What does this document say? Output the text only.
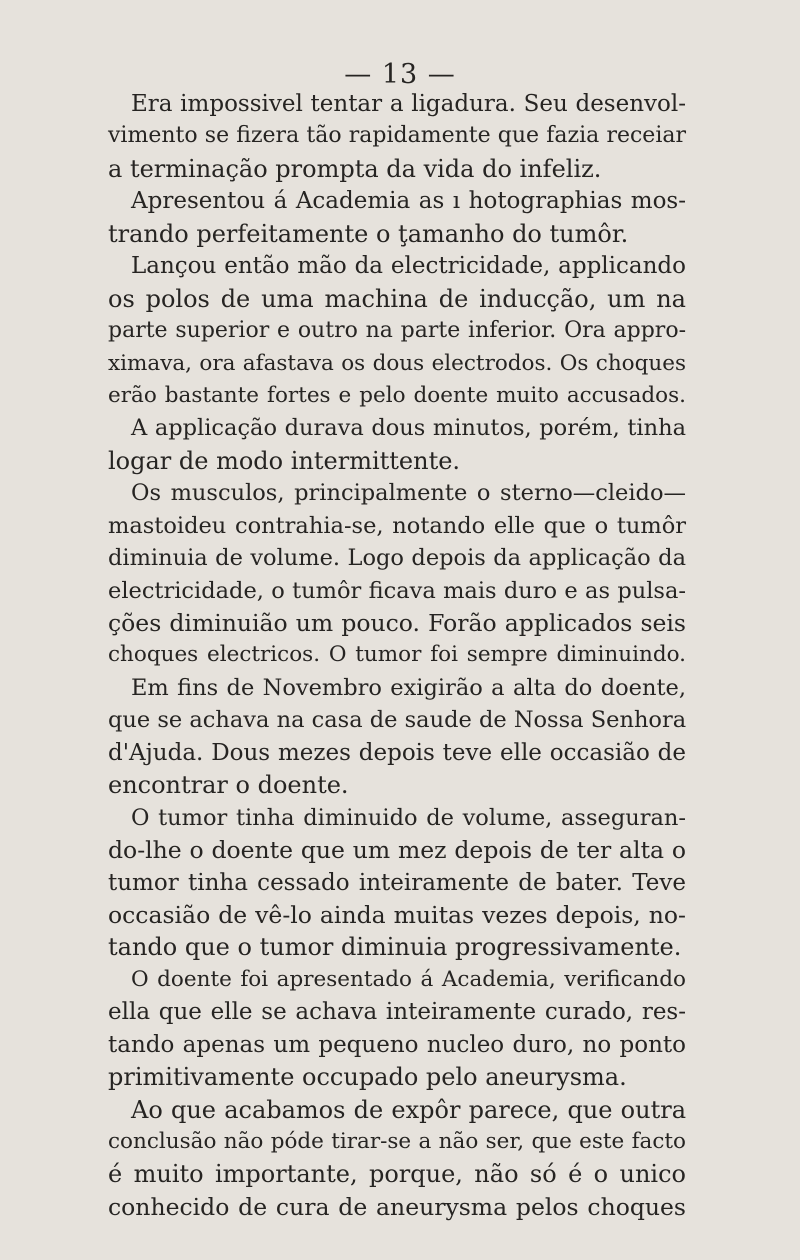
— 13 —
Era impossivel tentar a ligadura. Seu desenvol-
vimento se fizera tão rapidamente que fazia receiar
a terminação prompta da vida do infeliz.
Apresentou á Academia as ı hotographias mos-
trando perfeitamente o ţamanho do tumôr.
Lançou então mão da electricidade, applicando
os polos de uma machina de inducção, um na
parte superior e outro na parte inferior. Ora appro-
ximava, ora afastava os dous electrodos. Os choques
erão bastante fortes e pelo doente muito accusados.
A applicação durava dous minutos, porém, tinha
logar de modo intermittente.
Os musculos, principalmente o sterno—cleido—
mastoideu contrahia-se, notando elle que o tumôr
diminuia de volume. Logo depois da applicação da
electricidade, o tumôr ficava mais duro e as pulsa-
ções diminuião um pouco. Forão applicados seis
choques electricos. O tumor foi sempre diminuindo.
Em fins de Novembro exigirão a alta do doente,
que se achava na casa de saude de Nossa Senhora
d'Ajuda. Dous mezes depois teve elle occasião de
encontrar o doente.
O tumor tinha diminuido de volume, asseguran-
do-lhe o doente que um mez depois de ter alta o
tumor tinha cessado inteiramente de bater. Teve
occasião de vê-lo ainda muitas vezes depois, no-
tando que o tumor diminuia progressivamente.
O doente foi apresentado á Academia, verificando
ella que elle se achava inteiramente curado, res-
tando apenas um pequeno nucleo duro, no ponto
primitivamente occupado pelo aneurysma.
Ao que acabamos de expôr parece, que outra
conclusão não póde tirar-se a não ser, que este facto
é muito importante, porque, não só é o unico
conhecido de cura de aneurysma pelos choques
